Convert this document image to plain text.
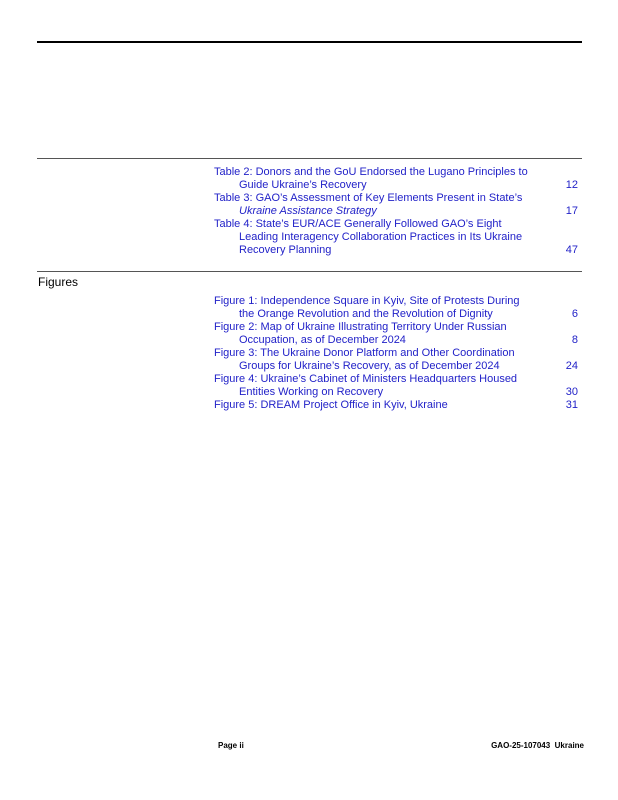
Table 2: Donors and the GoU Endorsed the Lugano Principles to
Guide Ukraine’s Recovery	12
Table 3: GAO’s Assessment of Key Elements Present in State’s
Ukraine Assistance Strategy	17
Table 4: State’s EUR/ACE Generally Followed GAO’s Eight
Leading Interagency Collaboration Practices in Its Ukraine
Recovery Planning	47
Figures
Figure 1: Independence Square in Kyiv, Site of Protests During
the Orange Revolution and the Revolution of Dignity	6
Figure 2: Map of Ukraine Illustrating Territory Under Russian
Occupation, as of December 2024	8
Figure 3: The Ukraine Donor Platform and Other Coordination
Groups for Ukraine’s Recovery, as of December 2024	24
Figure 4: Ukraine’s Cabinet of Ministers Headquarters Housed
Entities Working on Recovery	30
Figure 5: DREAM Project Office in Kyiv, Ukraine	31
Page ii	GAO-25-107043  Ukraine
